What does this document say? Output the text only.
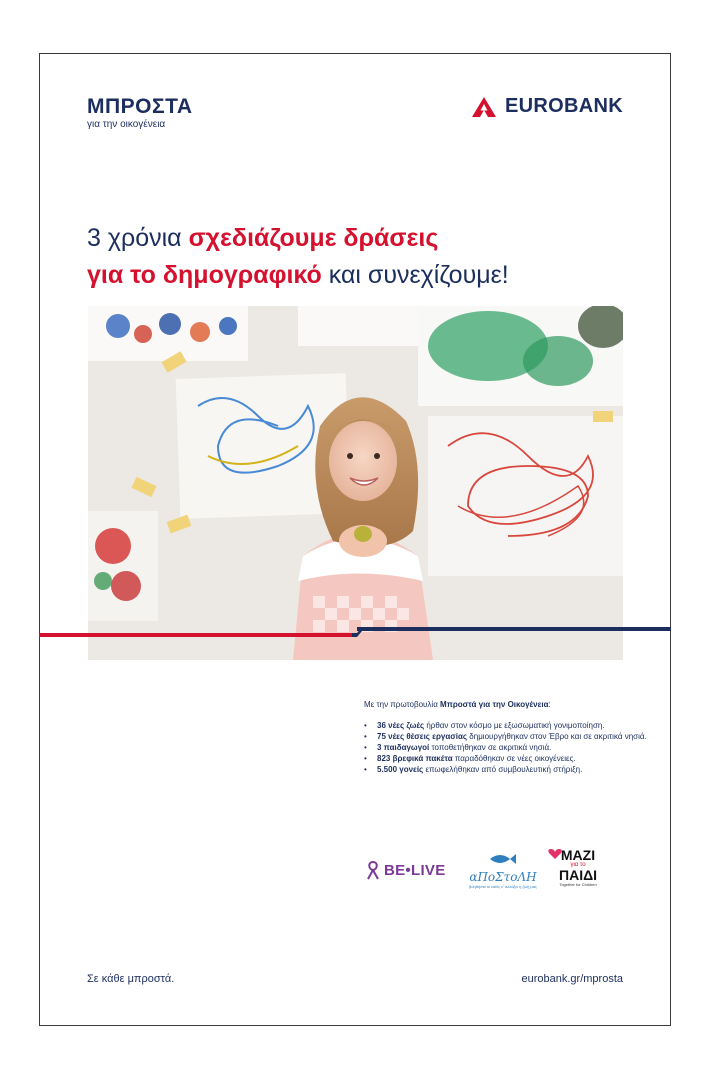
ΜΠΡΟΣΤΑ
για την οικογένεια
EUROBANK
3 χρόνια σχεδιάζουμε δράσεις
για το δημογραφικό και συνεχίζουμε!
Με την πρωτοβουλία Μπροστά για την Οικογένεια:
• 36 νέες ζωές ήρθαν στον κόσμο με εξωσωματική γονιμοποίηση.
• 75 νέες θέσεις εργασίας δημιουργήθηκαν στον Έβρο και σε ακριτικά νησιά.
• 3 παιδαγωγοί τοποθετήθηκαν σε ακριτικά νησιά.
• 823 βρεφικά πακέτα παραδόθηκαν σε νέες οικογένειες.
• 5.500 γονείς επωφελήθηκαν από συμβουλευτική στήριξη.
BE•LIVE	αΠοΣτοΛΗ
βοηθήστε κι εσείς ν' αλλάξει η ζωή μας
ΜΑΖΙ
για το
ΠΑΙΔΙ
Together for Children
Σε κάθε μπροστά.	eurobank.gr/mprosta
